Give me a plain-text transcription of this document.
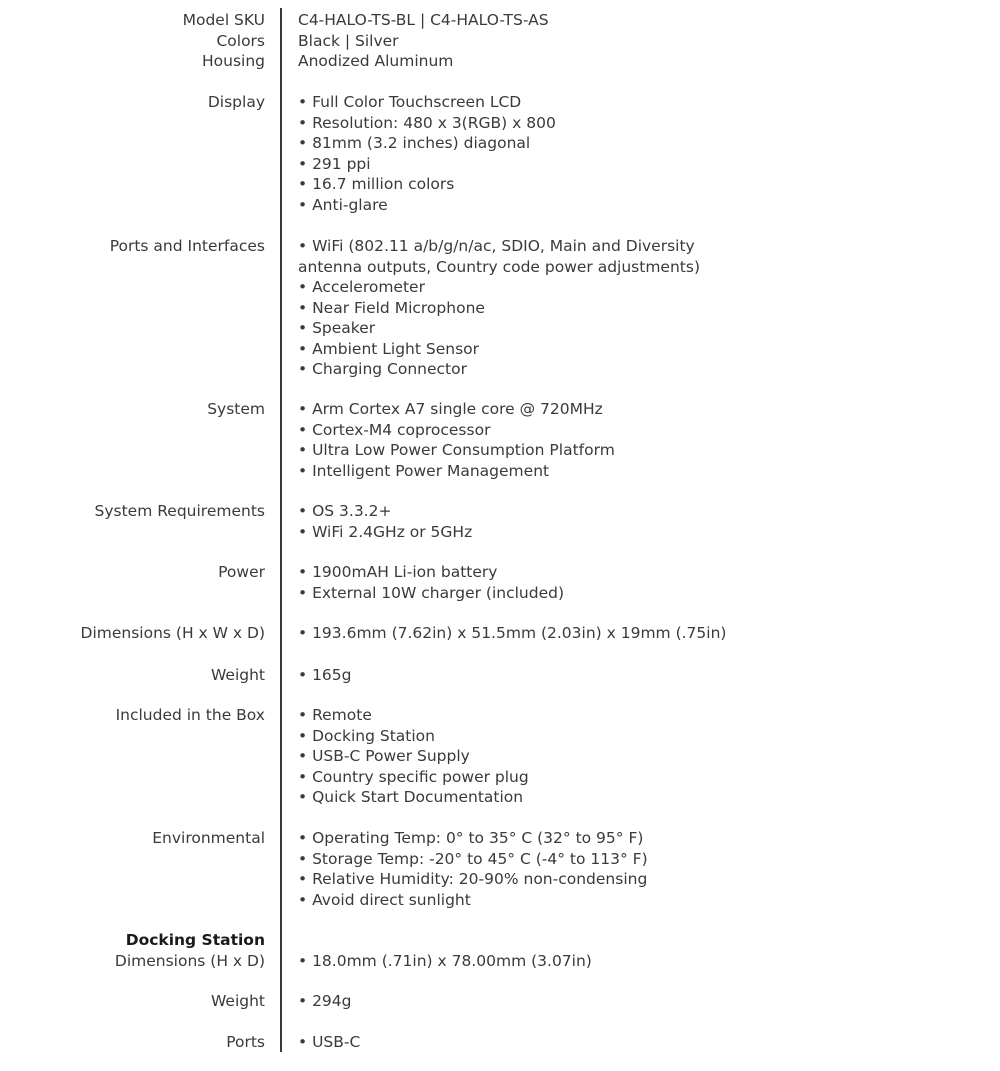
Model SKU
Colors
Housing
C4-HALO-TS-BL | C4-HALO-TS-AS
Black | Silver
Anodized Aluminum
Display • Full Color Touchscreen LCD
• Resolution: 480 x 3(RGB) x 800
• 81mm (3.2 inches) diagonal
• 291 ppi
• 16.7 million colors
• Anti-glare
Ports and Interfaces • WiFi (802.11 a/b/g/n/ac, SDIO, Main and Diversity
antenna outputs, Country code power adjustments)
• Accelerometer
• Near Field Microphone
• Speaker
• Ambient Light Sensor
• Charging Connector
System • Arm Cortex A7 single core @ 720MHz
• Cortex-M4 coprocessor
• Ultra Low Power Consumption Platform
• Intelligent Power Management
System Requirements • OS 3.3.2+
• WiFi 2.4GHz or 5GHz
Power • 1900mAH Li-ion battery
• External 10W charger (included)
Dimensions (H x W x D) • 193.6mm (7.62in) x 51.5mm (2.03in) x 19mm (.75in)
Weight • 165g
Included in the Box • Remote
• Docking Station
• USB-C Power Supply
• Country specific power plug
• Quick Start Documentation
Environmental • Operating Temp: 0° to 35° C (32° to 95° F)
• Storage Temp: -20° to 45° C (-4° to 113° F)
• Relative Humidity: 20-90% non-condensing
• Avoid direct sunlight
Docking Station
Dimensions (H x D) • 18.0mm (.71in) x 78.00mm (3.07in)
Weight • 294g
Ports • USB-C
